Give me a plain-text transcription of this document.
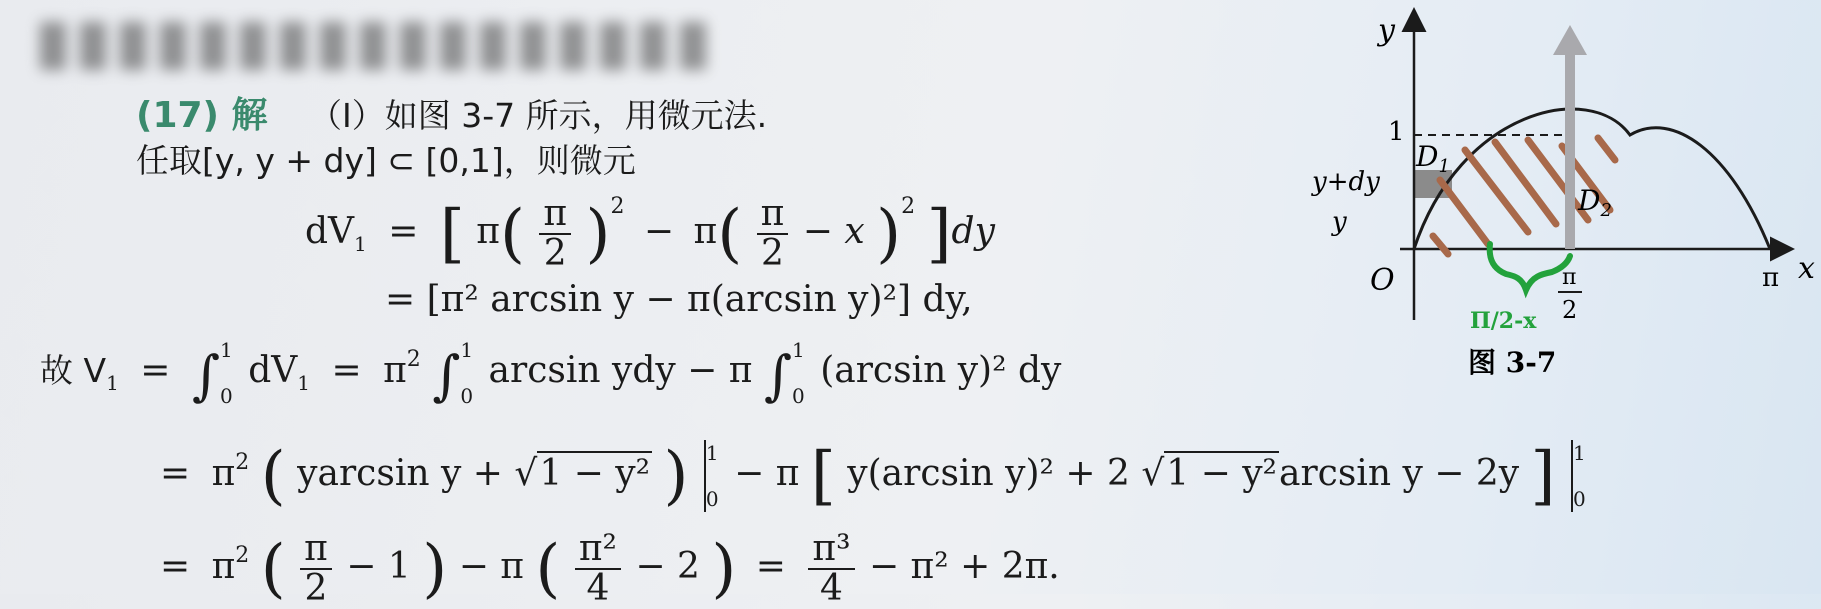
(17) 解 （Ⅰ）如图 3-7 所示，用微元法.
任取[y, y + dy] ⊂ [0,1]，则微元
$dV_1$ = [ $\pi( \frac{\pi}{2} )^2 - \pi( \frac{\pi}{2} - x$ )$^2$ ]dy
= [π² arcsin y − π(arcsin y)²] dy,
故 $V_1$ = ∫ 1
0
$dV_1 = \pi^2$ ∫ 1
0
arcsin ydy − π ∫ 1
0
(arcsin y)² dy
= $\pi^2$ ( yarcsin y + √1 − y² ) 1
0
− π [ y(arcsin y)² + 2 √1 − y²arcsin y − 2y ] 1
0
= $\pi^2$ ( $\frac{\pi}{2} - 1$ ) − π ( $\frac{\text{π²}}{4} - 2$ ) = $\frac{\text{π³}}{4} - \pi^2 + 2\pi$.
y
x
O
1
y+dy
y
$D_1$
$D_2$
π
2
π
Π/2-x
图 3-7
